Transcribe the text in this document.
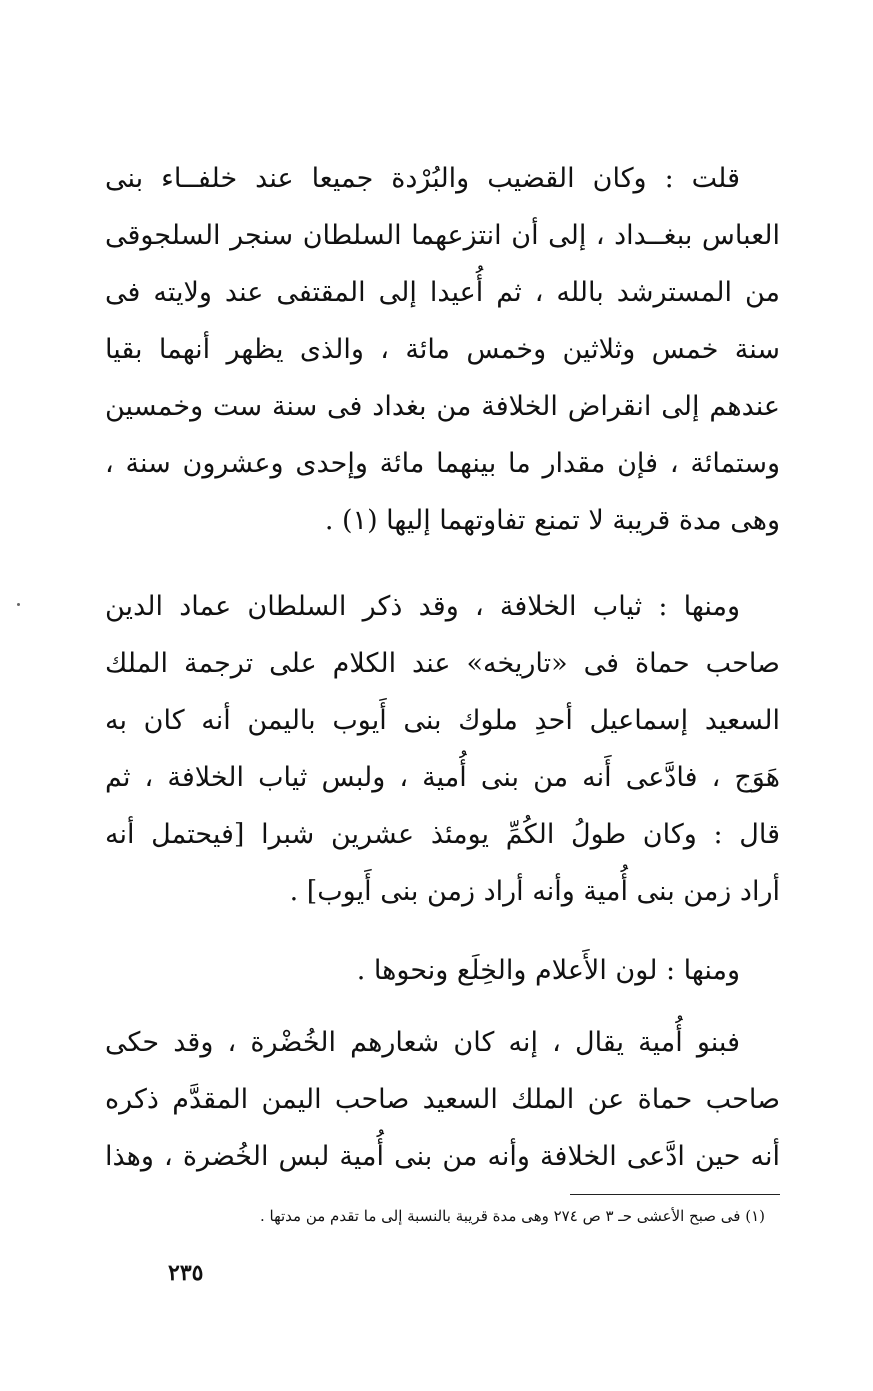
قلت : وكان القضيب والبُرْدة جميعا عند خلفــاء بنى
العباس ببغــداد ، إلى أن انتزعهما السلطان سنجر السلجوقى
من المسترشد بالله ، ثم أُعيدا إلى المقتفى عند ولايته فى
سنة خمس وثلاثين وخمس مائة ، والذى يظهر أنهما بقيا
عندهم إلى انقراض الخلافة من بغداد فى سنة ست وخمسين
وستمائة ، فإن مقدار ما بينهما مائة وإحدى وعشرون سنة ،
وهى مدة قريبة لا تمنع تفاوتهما إليها (١) .
ومنها : ثياب الخلافة ، وقد ذكر السلطان عماد الدين
صاحب حماة فى «تاريخه» عند الكلام على ترجمة الملك
السعيد إسماعيل أحدِ ملوك بنى أَيوب باليمن أنه كان به
هَوَج ، فادَّعى أَنه من بنى أُمية ، ولبس ثياب الخلافة ، ثم
قال : وكان طولُ الكُمِّ يومئذ عشرين شبرا [فيحتمل أنه
أراد زمن بنى أُمية وأنه أراد زمن بنى أَيوب] .
ومنها : لون الأَعلام والخِلَع ونحوها .
فبنو أُمية يقال ، إنه كان شعارهم الخُضْرة ، وقد حكى
صاحب حماة عن الملك السعيد صاحب اليمن المقدَّم ذكره
أنه حين ادَّعى الخلافة وأنه من بنى أُمية لبس الخُضرة ، وهذا
(١) فى صبح الأعشى حـ ٣ ص ٢٧٤ وهى مدة قريبة بالنسبة إلى ما تقدم من مدتها .
٢٣٥
